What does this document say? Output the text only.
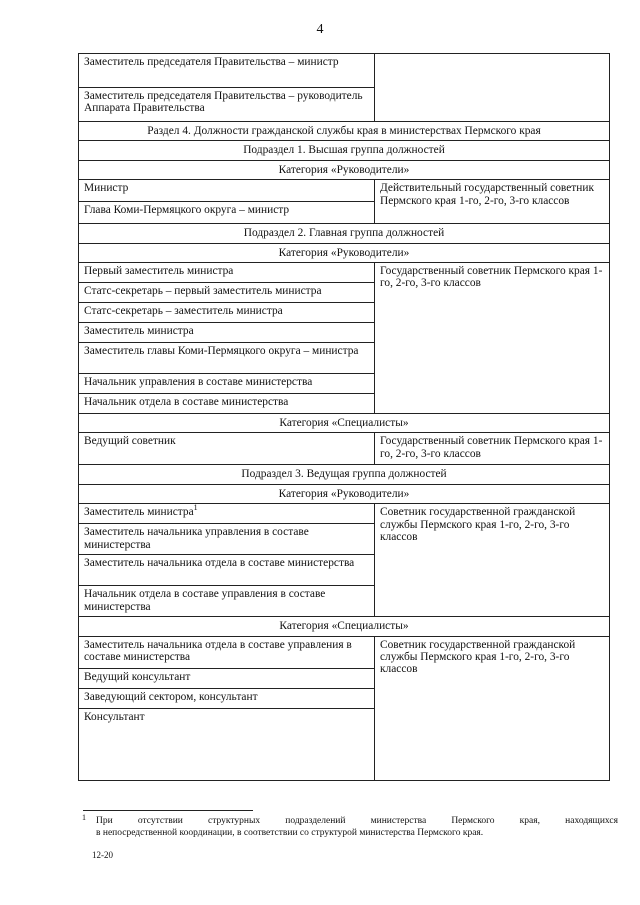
4
Заместитель председателя Правительства – министр	
Заместитель председателя Правительства – руководитель Аппарата Правительства	
Раздел 4. Должности гражданской службы края в министерствах Пермского края	
Подраздел 1. Высшая группа должностей	
Категория «Руководители»	
Министр	Действительный государственный советник Пермского края 1-го, 2-го, 3-го классов
Глава Коми-Пермяцкого округа – министр	
Подраздел 2. Главная группа должностей	
Категория «Руководители»	
Первый заместитель министра	Государственный советник Пермского края 1-го, 2-го, 3-го классов
Статс-секретарь – первый заместитель министра	
Статс-секретарь – заместитель министра	
Заместитель министра	
Заместитель главы Коми-Пермяцкого округа – министра	
Начальник управления в составе министерства	
Начальник отдела в составе министерства	
Категория «Специалисты»	
Ведущий советник	Государственный советник Пермского края 1-го, 2-го, 3-го классов
Подраздел 3. Ведущая группа должностей	
Категория «Руководители»	
Заместитель министра$^1$	Советник государственной гражданской службы Пермского края 1-го, 2-го, 3-го классов
Заместитель начальника управления в составе министерства	
Заместитель начальника отдела в составе министерства	
Начальник отдела в составе управления в составе министерства	
Категория «Специалисты»	
Заместитель начальника отдела в составе управления в составе министерства	Советник государственной гражданской службы Пермского края 1-го, 2-го, 3-го классов
Ведущий консультант	
Заведующий сектором, консультант	
Консультант	
1	При отсутствии структурных подразделений министерства Пермского края, находящихся
в непосредственной координации, в соответствии со структурой министерства Пермского края.
12-20
